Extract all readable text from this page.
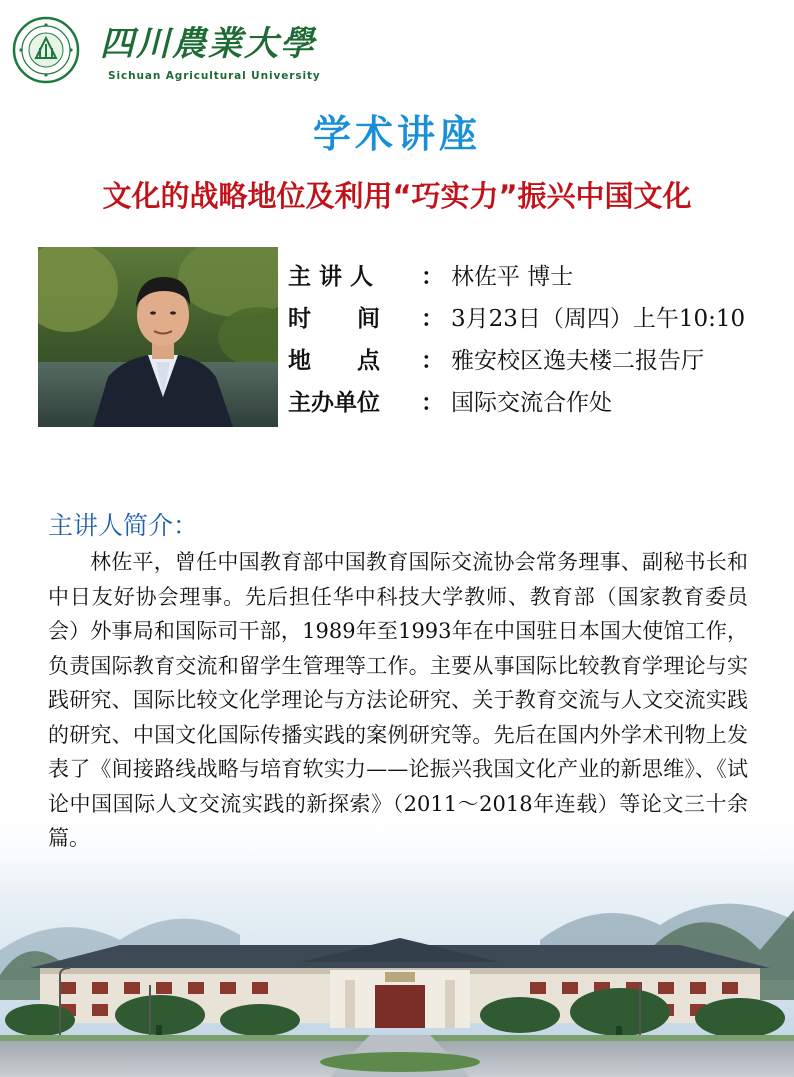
四川農業大學
Sichuan Agricultural University
学术讲座
文化的战略地位及利用“巧实力”振兴中国文化
主 讲 人 ： 林佐平 博士
时　　间 ： 3月23日（周四）上午10:10
地　　点 ： 雅安校区逸夫楼二报告厅
主办单位 ： 国际交流合作处
主讲人简介：
林佐平，曾任中国教育部中国教育国际交流协会常务理事、副秘书长和中日友好协会理事。先后担任华中科技大学教师、教育部（国家教育委员会）外事局和国际司干部，1989年至1993年在中国驻日本国大使馆工作，负责国际教育交流和留学生管理等工作。主要从事国际比较教育学理论与实践研究、国际比较文化学理论与方法论研究、关于教育交流与人文交流实践的研究、中国文化国际传播实践的案例研究等。先后在国内外学术刊物上发表了《间接路线战略与培育软实力——论振兴我国文化产业的新思维》、《试论中国国际人文交流实践的新探索》（2011～2018年连载）等论文三十余篇。
